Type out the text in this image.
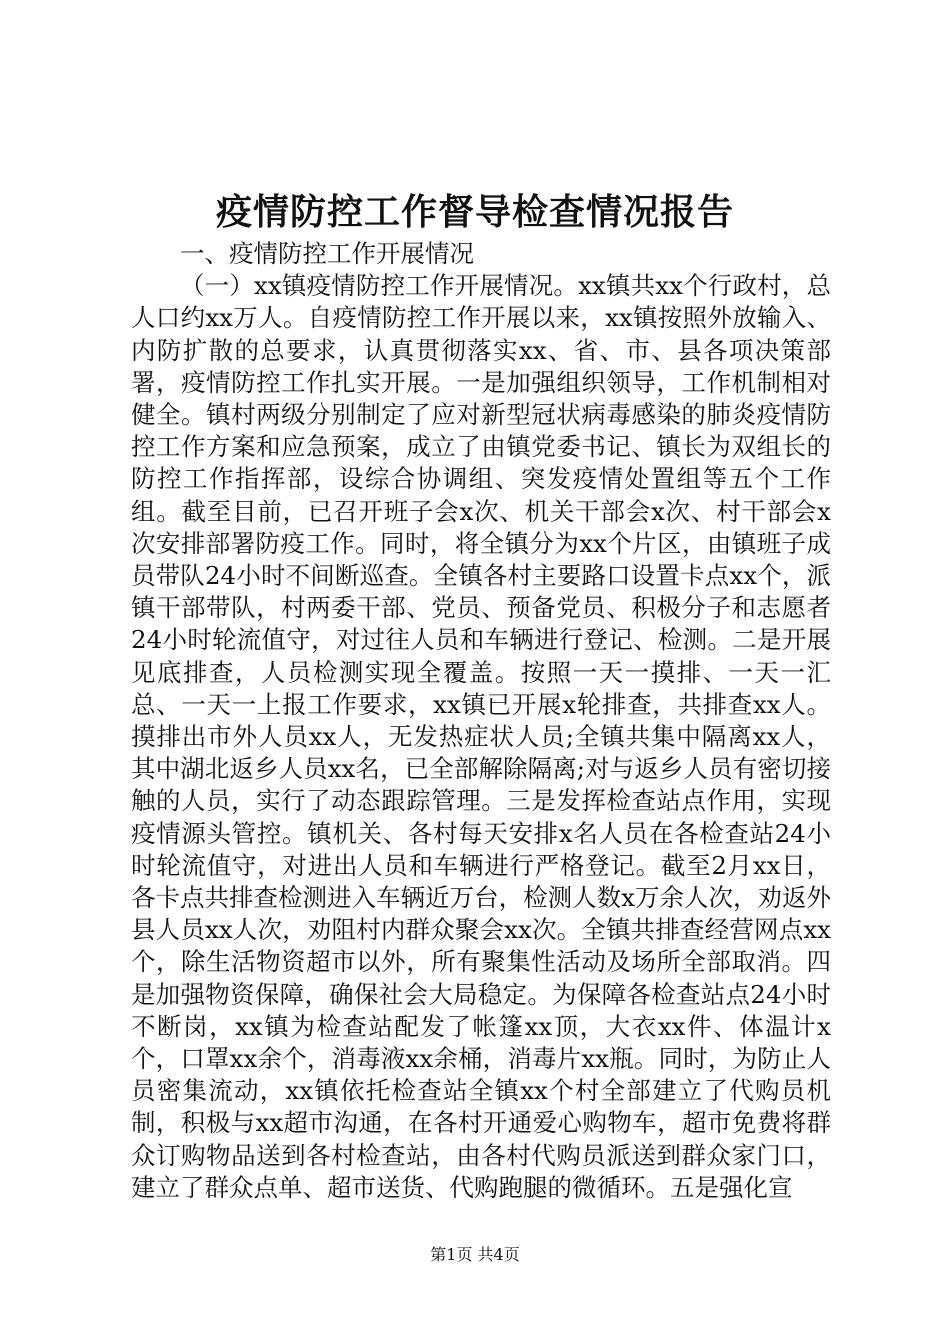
疫情防控工作督导检查情况报告

一、疫情防控工作开展情况

（一）xx镇疫情防控工作开展情况。xx镇共xx个行政村，总人口约xx万人。自疫情防控工作开展以来，xx镇按照外放输入、内防扩散的总要求，认真贯彻落实xx、省、市、县各项决策部署，疫情防控工作扎实开展。一是加强组织领导，工作机制相对健全。镇村两级分别制定了应对新型冠状病毒感染的肺炎疫情防控工作方案和应急预案，成立了由镇党委书记、镇长为双组长的防控工作指挥部，设综合协调组、突发疫情处置组等五个工作组。截至目前，已召开班子会x次、机关干部会x次、村干部会x次安排部署防疫工作。同时，将全镇分为xx个片区，由镇班子成员带队24小时不间断巡查。全镇各村主要路口设置卡点xx个，派镇干部带队，村两委干部、党员、预备党员、积极分子和志愿者24小时轮流值守，对过往人员和车辆进行登记、检测。二是开展见底排查，人员检测实现全覆盖。按照一天一摸排、一天一汇总、一天一上报工作要求，xx镇已开展x轮排查，共排查xx人。摸排出市外人员xx人，无发热症状人员;全镇共集中隔离xx人，其中湖北返乡人员xx名，已全部解除隔离;对与返乡人员有密切接触的人员，实行了动态跟踪管理。三是发挥检查站点作用，实现疫情源头管控。镇机关、各村每天安排x名人员在各检查站24小时轮流值守，对进出人员和车辆进行严格登记。截至2月xx日，各卡点共排查检测进入车辆近万台，检测人数x万余人次，劝返外县人员xx人次，劝阻村内群众聚会xx次。全镇共排查经营网点xx个，除生活物资超市以外，所有聚集性活动及场所全部取消。四是加强物资保障，确保社会大局稳定。为保障各检查站点24小时不断岗，xx镇为检查站配发了帐篷xx顶，大衣xx件、体温计x个，口罩xx余个，消毒液xx余桶，消毒片xx瓶。同时，为防止人员密集流动，xx镇依托检查站全镇xx个村全部建立了代购员机制，积极与xx超市沟通，在各村开通爱心购物车，超市免费将群众订购物品送到各村检查站，由各村代购员派送到群众家门口，建立了群众点单、超市送货、代购跑腿的微循环。五是强化宣

第1页 共4页
